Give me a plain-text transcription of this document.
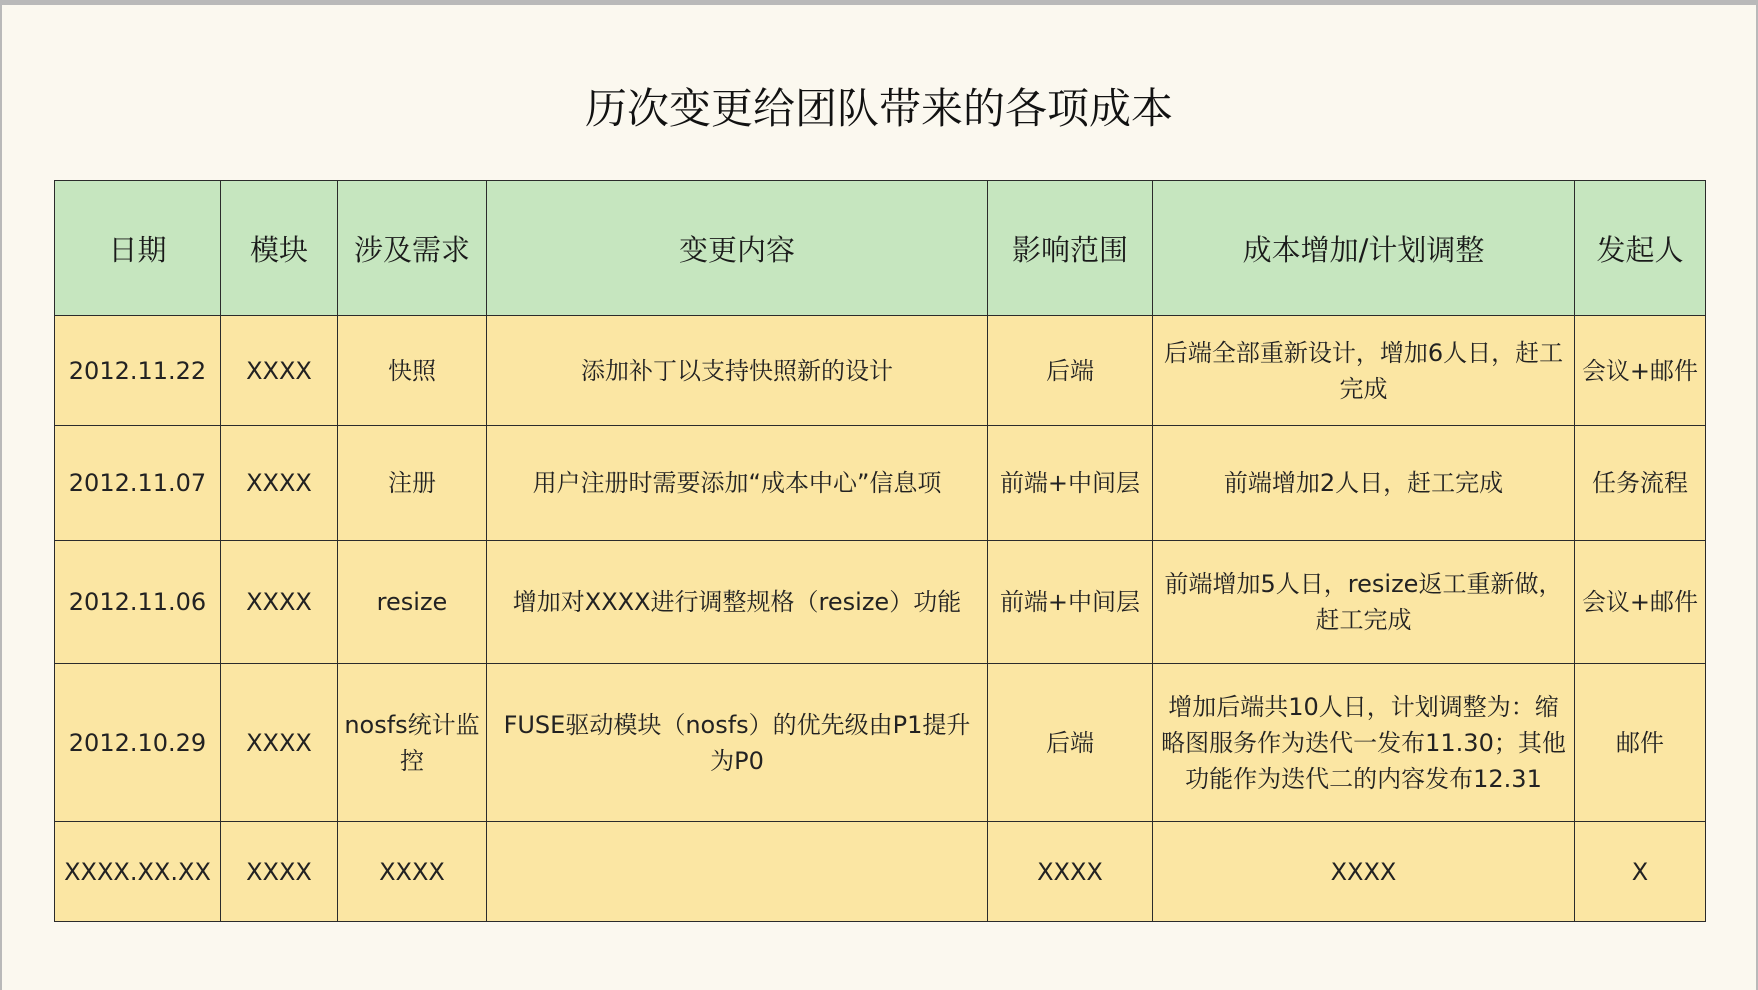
历次变更给团队带来的各项成本
日期	模块	涉及需求	变更内容	影响范围	成本增加/计划调整	发起人
2012.11.22	XXXX	快照	添加补丁以支持快照新的设计	后端	后端全部重新设计，增加6人日，赶工完成	会议+邮件
2012.11.07	XXXX	注册	用户注册时需要添加“成本中心”信息项	前端+中间层	前端增加2人日，赶工完成	任务流程
2012.11.06	XXXX	resize	增加对XXXX进行调整规格（resize）功能	前端+中间层	前端增加5人日，resize返工重新做，赶工完成	会议+邮件
2012.10.29	XXXX	nosfs统计监控	FUSE驱动模块（nosfs）的优先级由P1提升为P0	后端	增加后端共10人日，计划调整为：缩略图服务作为迭代一发布11.30；其他功能作为迭代二的内容发布12.31	邮件
XXXX.XX.XX	XXXX	XXXX		XXXX	XXXX	X
